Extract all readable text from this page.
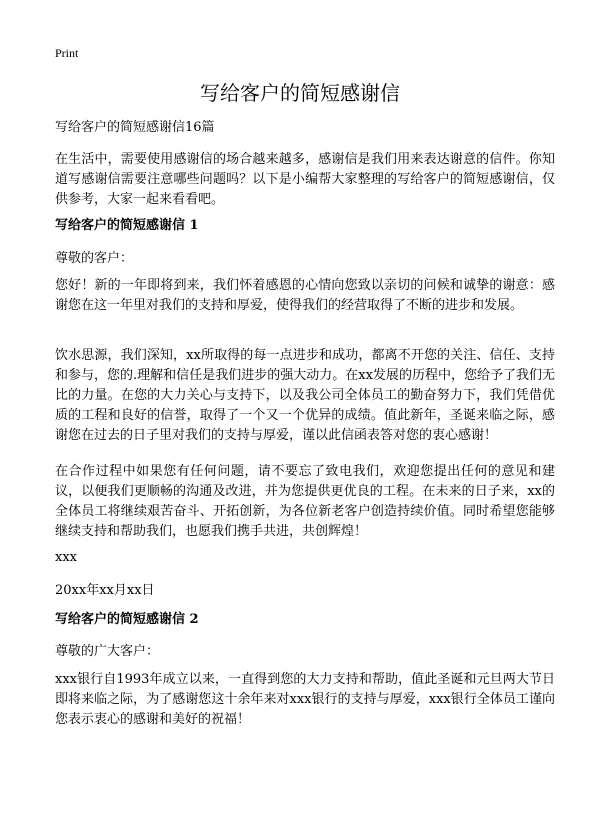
Print
写给客户的简短感谢信

写给客户的简短感谢信16篇

在生活中，需要使用感谢信的场合越来越多，感谢信是我们用来表达谢意的信件。你知道写感谢信需要注意哪些问题吗？以下是小编帮大家整理的写给客户的简短感谢信，仅供参考，大家一起来看看吧。

写给客户的简短感谢信 1

尊敬的客户：

您好！新的一年即将到来，我们怀着感恩的心情向您致以亲切的问候和诚挚的谢意：感谢您在这一年里对我们的支持和厚爱，使得我们的经营取得了不断的进步和发展。

饮水思源，我们深知，xx所取得的每一点进步和成功，都离不开您的关注、信任、支持和参与，您的.理解和信任是我们进步的强大动力。在xx发展的历程中，您给予了我们无比的力量。在您的大力关心与支持下，以及我公司全体员工的勤奋努力下，我们凭借优质的工程和良好的信誉，取得了一个又一个优异的成绩。值此新年，圣诞来临之际，感谢您在过去的日子里对我们的支持与厚爱，谨以此信函表答对您的衷心感谢！

在合作过程中如果您有任何问题，请不要忘了致电我们，欢迎您提出任何的意见和建议，以便我们更顺畅的沟通及改进，并为您提供更优良的工程。在未来的日子来，xx的全体员工将继续艰苦奋斗、开拓创新，为各位新老客户创造持续价值。同时希望您能够继续支持和帮助我们，也愿我们携手共进，共创辉煌！

xxx

20xx年xx月xx日

写给客户的简短感谢信 2

尊敬的广大客户：

xxx银行自1993年成立以来，一直得到您的大力支持和帮助，值此圣诞和元旦两大节日即将来临之际，为了感谢您这十余年来对xxx银行的支持与厚爱，xxx银行全体员工谨向您表示衷心的感谢和美好的祝福！
